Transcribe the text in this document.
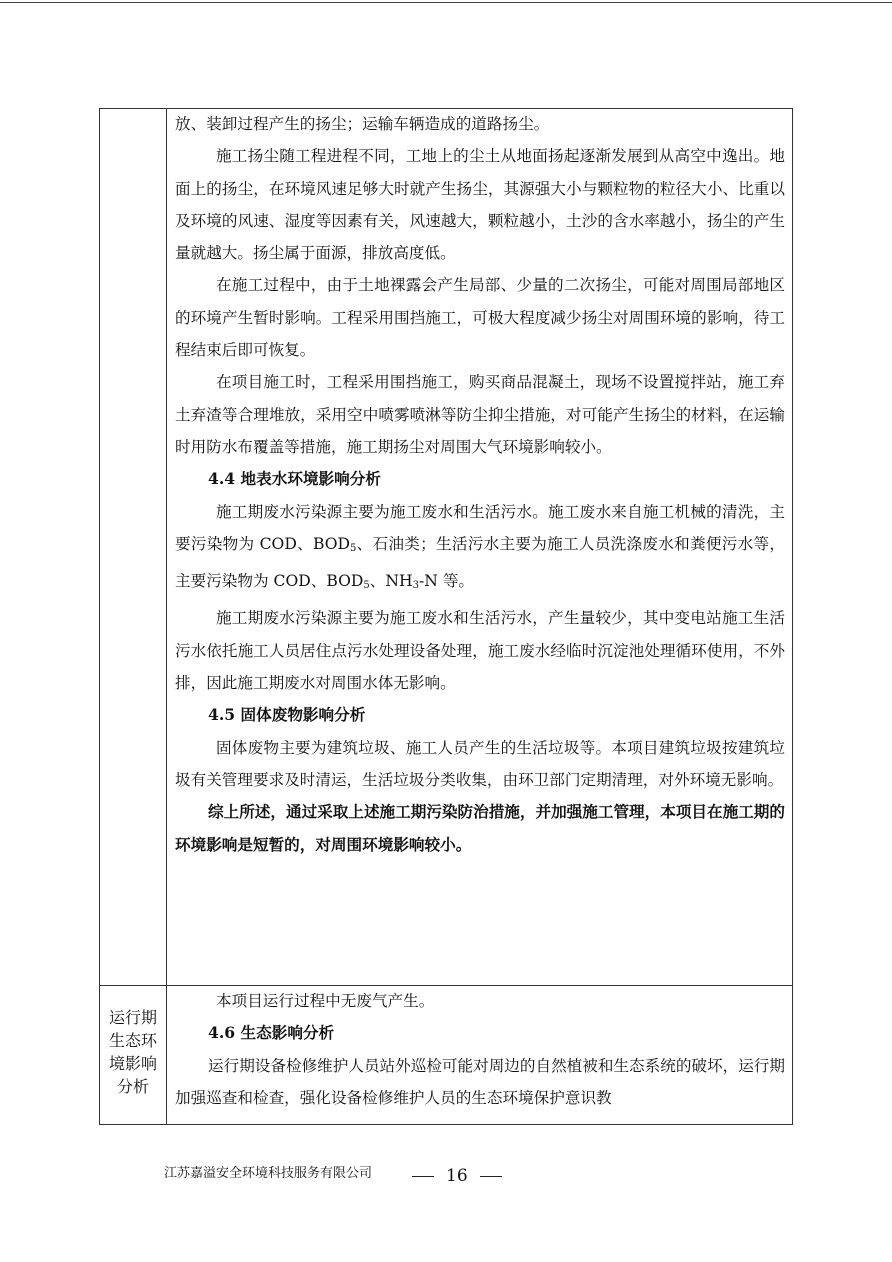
放、装卸过程产生的扬尘；运输车辆造成的道路扬尘。

施工扬尘随工程进程不同，工地上的尘土从地面扬起逐渐发展到从高空中逸出。地面上的扬尘，在环境风速足够大时就产生扬尘，其源强大小与颗粒物的粒径大小、比重以及环境的风速、湿度等因素有关，风速越大，颗粒越小，土沙的含水率越小，扬尘的产生量就越大。扬尘属于面源，排放高度低。

在施工过程中，由于土地裸露会产生局部、少量的二次扬尘，可能对周围局部地区的环境产生暂时影响。工程采用围挡施工，可极大程度减少扬尘对周围环境的影响，待工程结束后即可恢复。

在项目施工时，工程采用围挡施工，购买商品混凝土，现场不设置搅拌站，施工弃土弃渣等合理堆放，采用空中喷雾喷淋等防尘抑尘措施，对可能产生扬尘的材料，在运输时用防水布覆盖等措施，施工期扬尘对周围大气环境影响较小。

4.4 地表水环境影响分析

施工期废水污染源主要为施工废水和生活污水。施工废水来自施工机械的清洗，主要污染物为 COD、BOD5、石油类；生活污水主要为施工人员洗涤废水和粪便污水等，主要污染物为 COD、BOD5、NH3-N 等。

施工期废水污染源主要为施工废水和生活污水，产生量较少，其中变电站施工生活污水依托施工人员居住点污水处理设备处理，施工废水经临时沉淀池处理循环使用，不外排，因此施工期废水对周围水体无影响。

4.5 固体废物影响分析

固体废物主要为建筑垃圾、施工人员产生的生活垃圾等。本项目建筑垃圾按建筑垃圾有关管理要求及时清运，生活垃圾分类收集，由环卫部门定期清理，对外环境无影响。

综上所述，通过采取上述施工期污染防治措施，并加强施工管理，本项目在施工期的环境影响是短暂的，对周围环境影响较小。

运行期
生态环
境影响
分析

本项目运行过程中无废气产生。

4.6 生态影响分析

运行期设备检修维护人员站外巡检可能对周边的自然植被和生态系统的破坏，运行期加强巡查和检查，强化设备检修维护人员的生态环境保护意识教

江苏嘉溢安全环境科技服务有限公司	16
